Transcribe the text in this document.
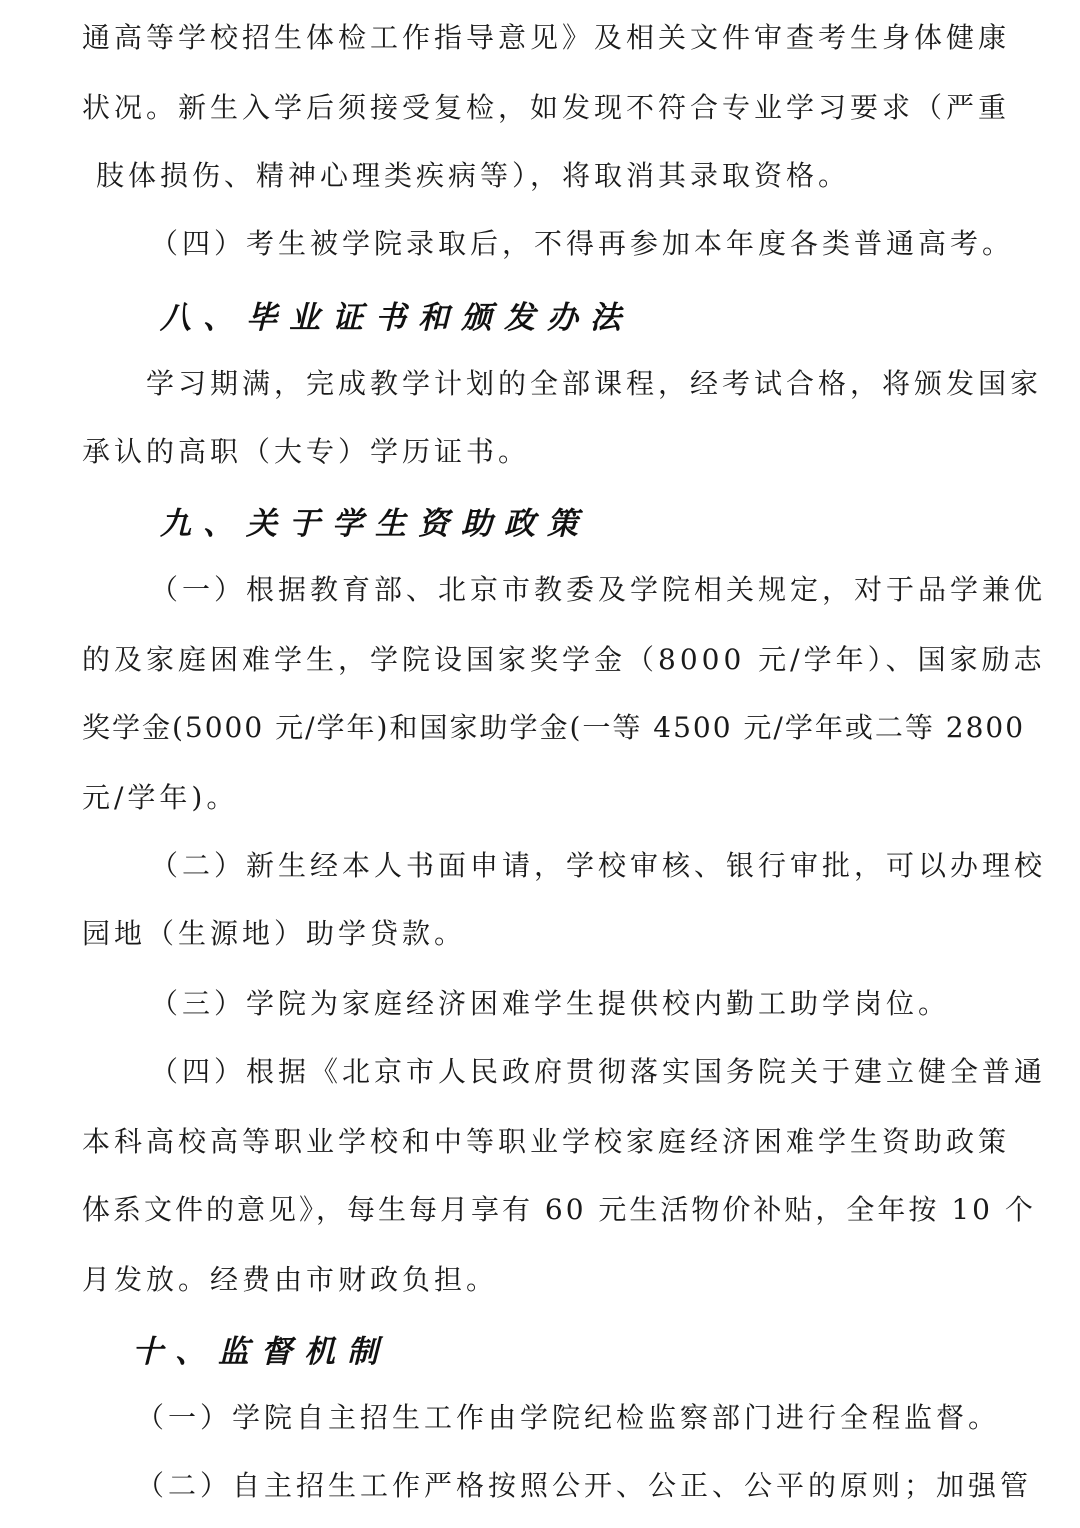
通高等学校招生体检工作指导意见》及相关文件审查考生身体健康
状况。新生入学后须接受复检，如发现不符合专业学习要求（严重
肢体损伤、精神心理类疾病等），将取消其录取资格。
（四）考生被学院录取后，不得再参加本年度各类普通高考。
八、毕业证书和颁发办法
学习期满，完成教学计划的全部课程，经考试合格，将颁发国家
承认的高职（大专）学历证书。
九、关于学生资助政策
（一）根据教育部、北京市教委及学院相关规定，对于品学兼优
的及家庭困难学生，学院设国家奖学金（8000 元/学年）、国家励志
奖学金(5000 元/学年)和国家助学金(一等 4500 元/学年或二等 2800
元/学年)。
（二）新生经本人书面申请，学校审核、银行审批，可以办理校
园地（生源地）助学贷款。
（三）学院为家庭经济困难学生提供校内勤工助学岗位。
（四）根据《北京市人民政府贯彻落实国务院关于建立健全普通
本科高校高等职业学校和中等职业学校家庭经济困难学生资助政策
体系文件的意见》，每生每月享有 60 元生活物价补贴，全年按 10 个
月发放。经费由市财政负担。
十、监督机制
（一）学院自主招生工作由学院纪检监察部门进行全程监督。
（二）自主招生工作严格按照公开、公正、公平的原则；加强管
